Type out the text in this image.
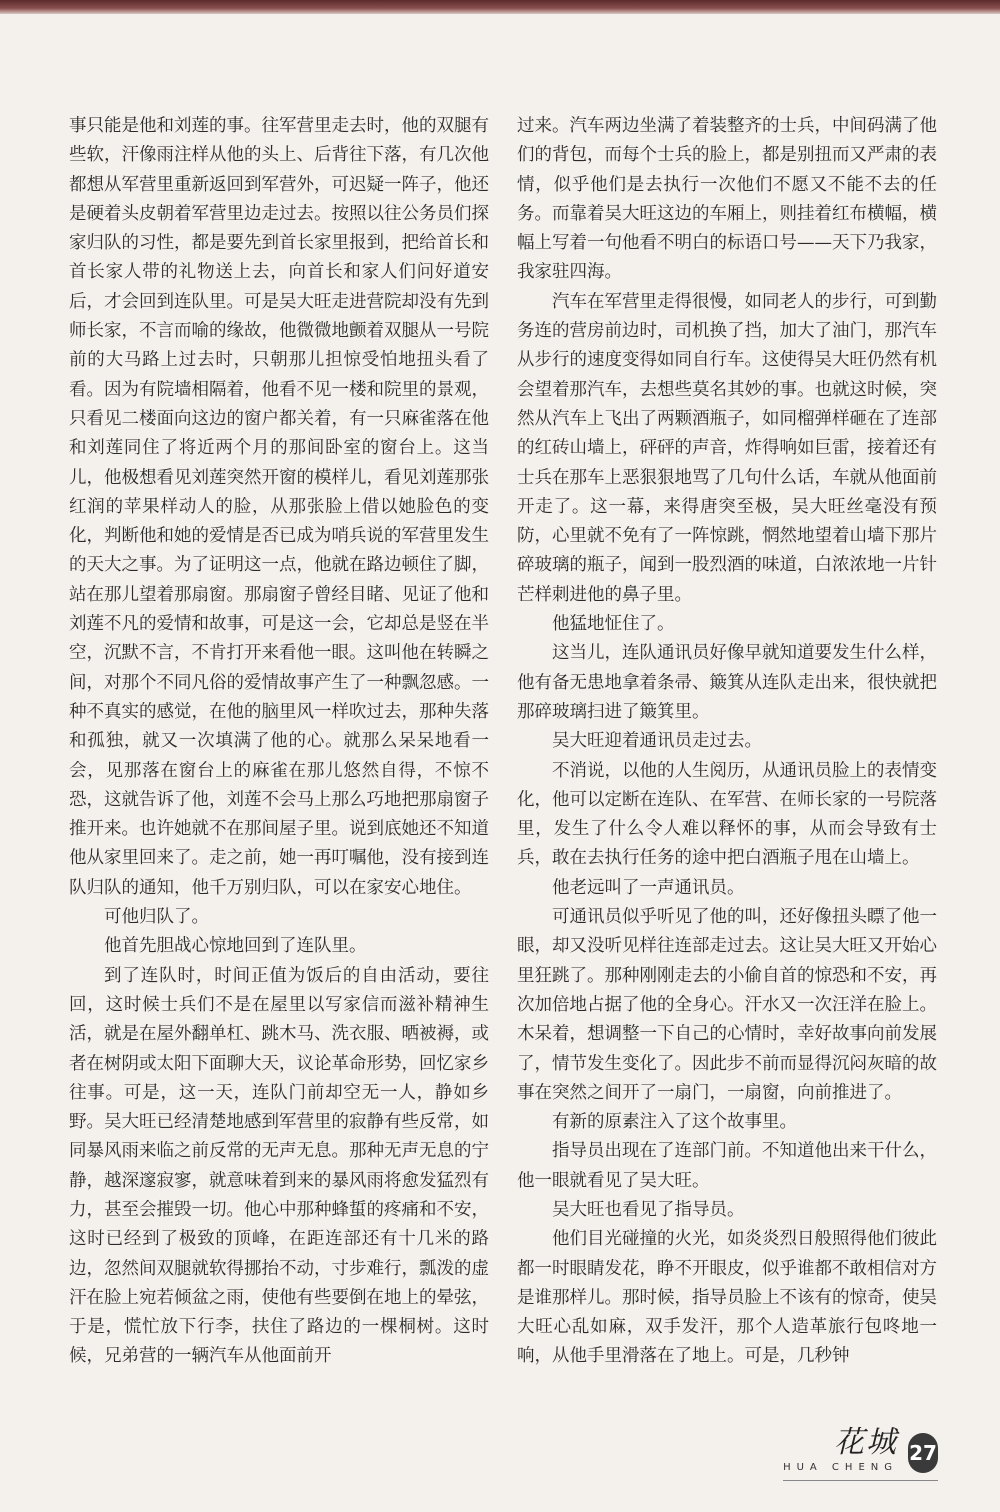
事只能是他和刘莲的事。往军营里走去时，他的双腿有些软，汗像雨注样从他的头上、后背往下落，有几次他都想从军营里重新返回到军营外，可迟疑一阵子，他还是硬着头皮朝着军营里边走过去。按照以往公务员们探家归队的习性，都是要先到首长家里报到，把给首长和首长家人带的礼物送上去，向首长和家人们问好道安后，才会回到连队里。可是吴大旺走进营院却没有先到师长家，不言而喻的缘故，他微微地颤着双腿从一号院前的大马路上过去时，只朝那儿担惊受怕地扭头看了看。因为有院墙相隔着，他看不见一楼和院里的景观，只看见二楼面向这边的窗户都关着，有一只麻雀落在他和刘莲同住了将近两个月的那间卧室的窗台上。这当儿，他极想看见刘莲突然开窗的模样儿，看见刘莲那张红润的苹果样动人的脸，从那张脸上借以她脸色的变化，判断他和她的爱情是否已成为哨兵说的军营里发生的天大之事。为了证明这一点，他就在路边顿住了脚，站在那儿望着那扇窗。那扇窗子曾经目睹、见证了他和刘莲不凡的爱情和故事，可是这一会，它却总是竖在半空，沉默不言，不肯打开来看他一眼。这叫他在转瞬之间，对那个不同凡俗的爱情故事产生了一种飘忽感。一种不真实的感觉，在他的脑里风一样吹过去，那种失落和孤独，就又一次填满了他的心。就那么呆呆地看一会，见那落在窗台上的麻雀在那儿悠然自得，不惊不恐，这就告诉了他，刘莲不会马上那么巧地把那扇窗子推开来。也许她就不在那间屋子里。说到底她还不知道他从家里回来了。走之前，她一再叮嘱他，没有接到连队归队的通知，他千万别归队，可以在家安心地住。

可他归队了。

他首先胆战心惊地回到了连队里。

到了连队时，时间正值为饭后的自由活动，要往回，这时候士兵们不是在屋里以写家信而滋补精神生活，就是在屋外翻单杠、跳木马、洗衣服、晒被褥，或者在树阴或太阳下面聊大天，议论革命形势，回忆家乡往事。可是，这一天，连队门前却空无一人，静如乡野。吴大旺已经清楚地感到军营里的寂静有些反常，如同暴风雨来临之前反常的无声无息。那种无声无息的宁静，越深邃寂寥，就意味着到来的暴风雨将愈发猛烈有力，甚至会摧毁一切。他心中那种蜂蜇的疼痛和不安，这时已经到了极致的顶峰，在距连部还有十几米的路边，忽然间双腿就软得挪抬不动，寸步难行，瓢泼的虚汗在脸上宛若倾盆之雨，使他有些要倒在地上的晕弦，于是，慌忙放下行李，扶住了路边的一棵桐树。这时候，兄弟营的一辆汽车从他面前开

过来。汽车两边坐满了着装整齐的士兵，中间码满了他们的背包，而每个士兵的脸上，都是别扭而又严肃的表情，似乎他们是去执行一次他们不愿又不能不去的任务。而靠着吴大旺这边的车厢上，则挂着红布横幅，横幅上写着一句他看不明白的标语口号——天下乃我家，我家驻四海。

汽车在军营里走得很慢，如同老人的步行，可到勤务连的营房前边时，司机换了挡，加大了油门，那汽车从步行的速度变得如同自行车。这使得吴大旺仍然有机会望着那汽车，去想些莫名其妙的事。也就这时候，突然从汽车上飞出了两颗酒瓶子，如同榴弹样砸在了连部的红砖山墙上，砰砰的声音，炸得响如巨雷，接着还有士兵在那车上恶狠狠地骂了几句什么话，车就从他面前开走了。这一幕，来得唐突至极，吴大旺丝毫没有预防，心里就不免有了一阵惊跳，惘然地望着山墙下那片碎玻璃的瓶子，闻到一股烈酒的味道，白浓浓地一片针芒样刺进他的鼻子里。

他猛地怔住了。

这当儿，连队通讯员好像早就知道要发生什么样，他有备无患地拿着条帚、簸箕从连队走出来，很快就把那碎玻璃扫进了簸箕里。

吴大旺迎着通讯员走过去。

不消说，以他的人生阅历，从通讯员脸上的表情变化，他可以定断在连队、在军营、在师长家的一号院落里，发生了什么令人难以释怀的事，从而会导致有士兵，敢在去执行任务的途中把白酒瓶子甩在山墙上。

他老远叫了一声通讯员。

可通讯员似乎听见了他的叫，还好像扭头瞟了他一眼，却又没听见样往连部走过去。这让吴大旺又开始心里狂跳了。那种刚刚走去的小偷自首的惊恐和不安，再次加倍地占据了他的全身心。汗水又一次汪洋在脸上。木呆着，想调整一下自己的心情时，幸好故事向前发展了，情节发生变化了。因此步不前而显得沉闷灰暗的故事在突然之间开了一扇门，一扇窗，向前推进了。

有新的原素注入了这个故事里。

指导员出现在了连部门前。不知道他出来干什么，他一眼就看见了吴大旺。

吴大旺也看见了指导员。

他们目光碰撞的火光，如炎炎烈日般照得他们彼此都一时眼睛发花，睁不开眼皮，似乎谁都不敢相信对方是谁那样儿。那时候，指导员脸上不该有的惊奇，使吴大旺心乱如麻，双手发汗，那个人造革旅行包咚地一响，从他手里滑落在了地上。可是，几秒钟

花城
HUA CHENG
27
